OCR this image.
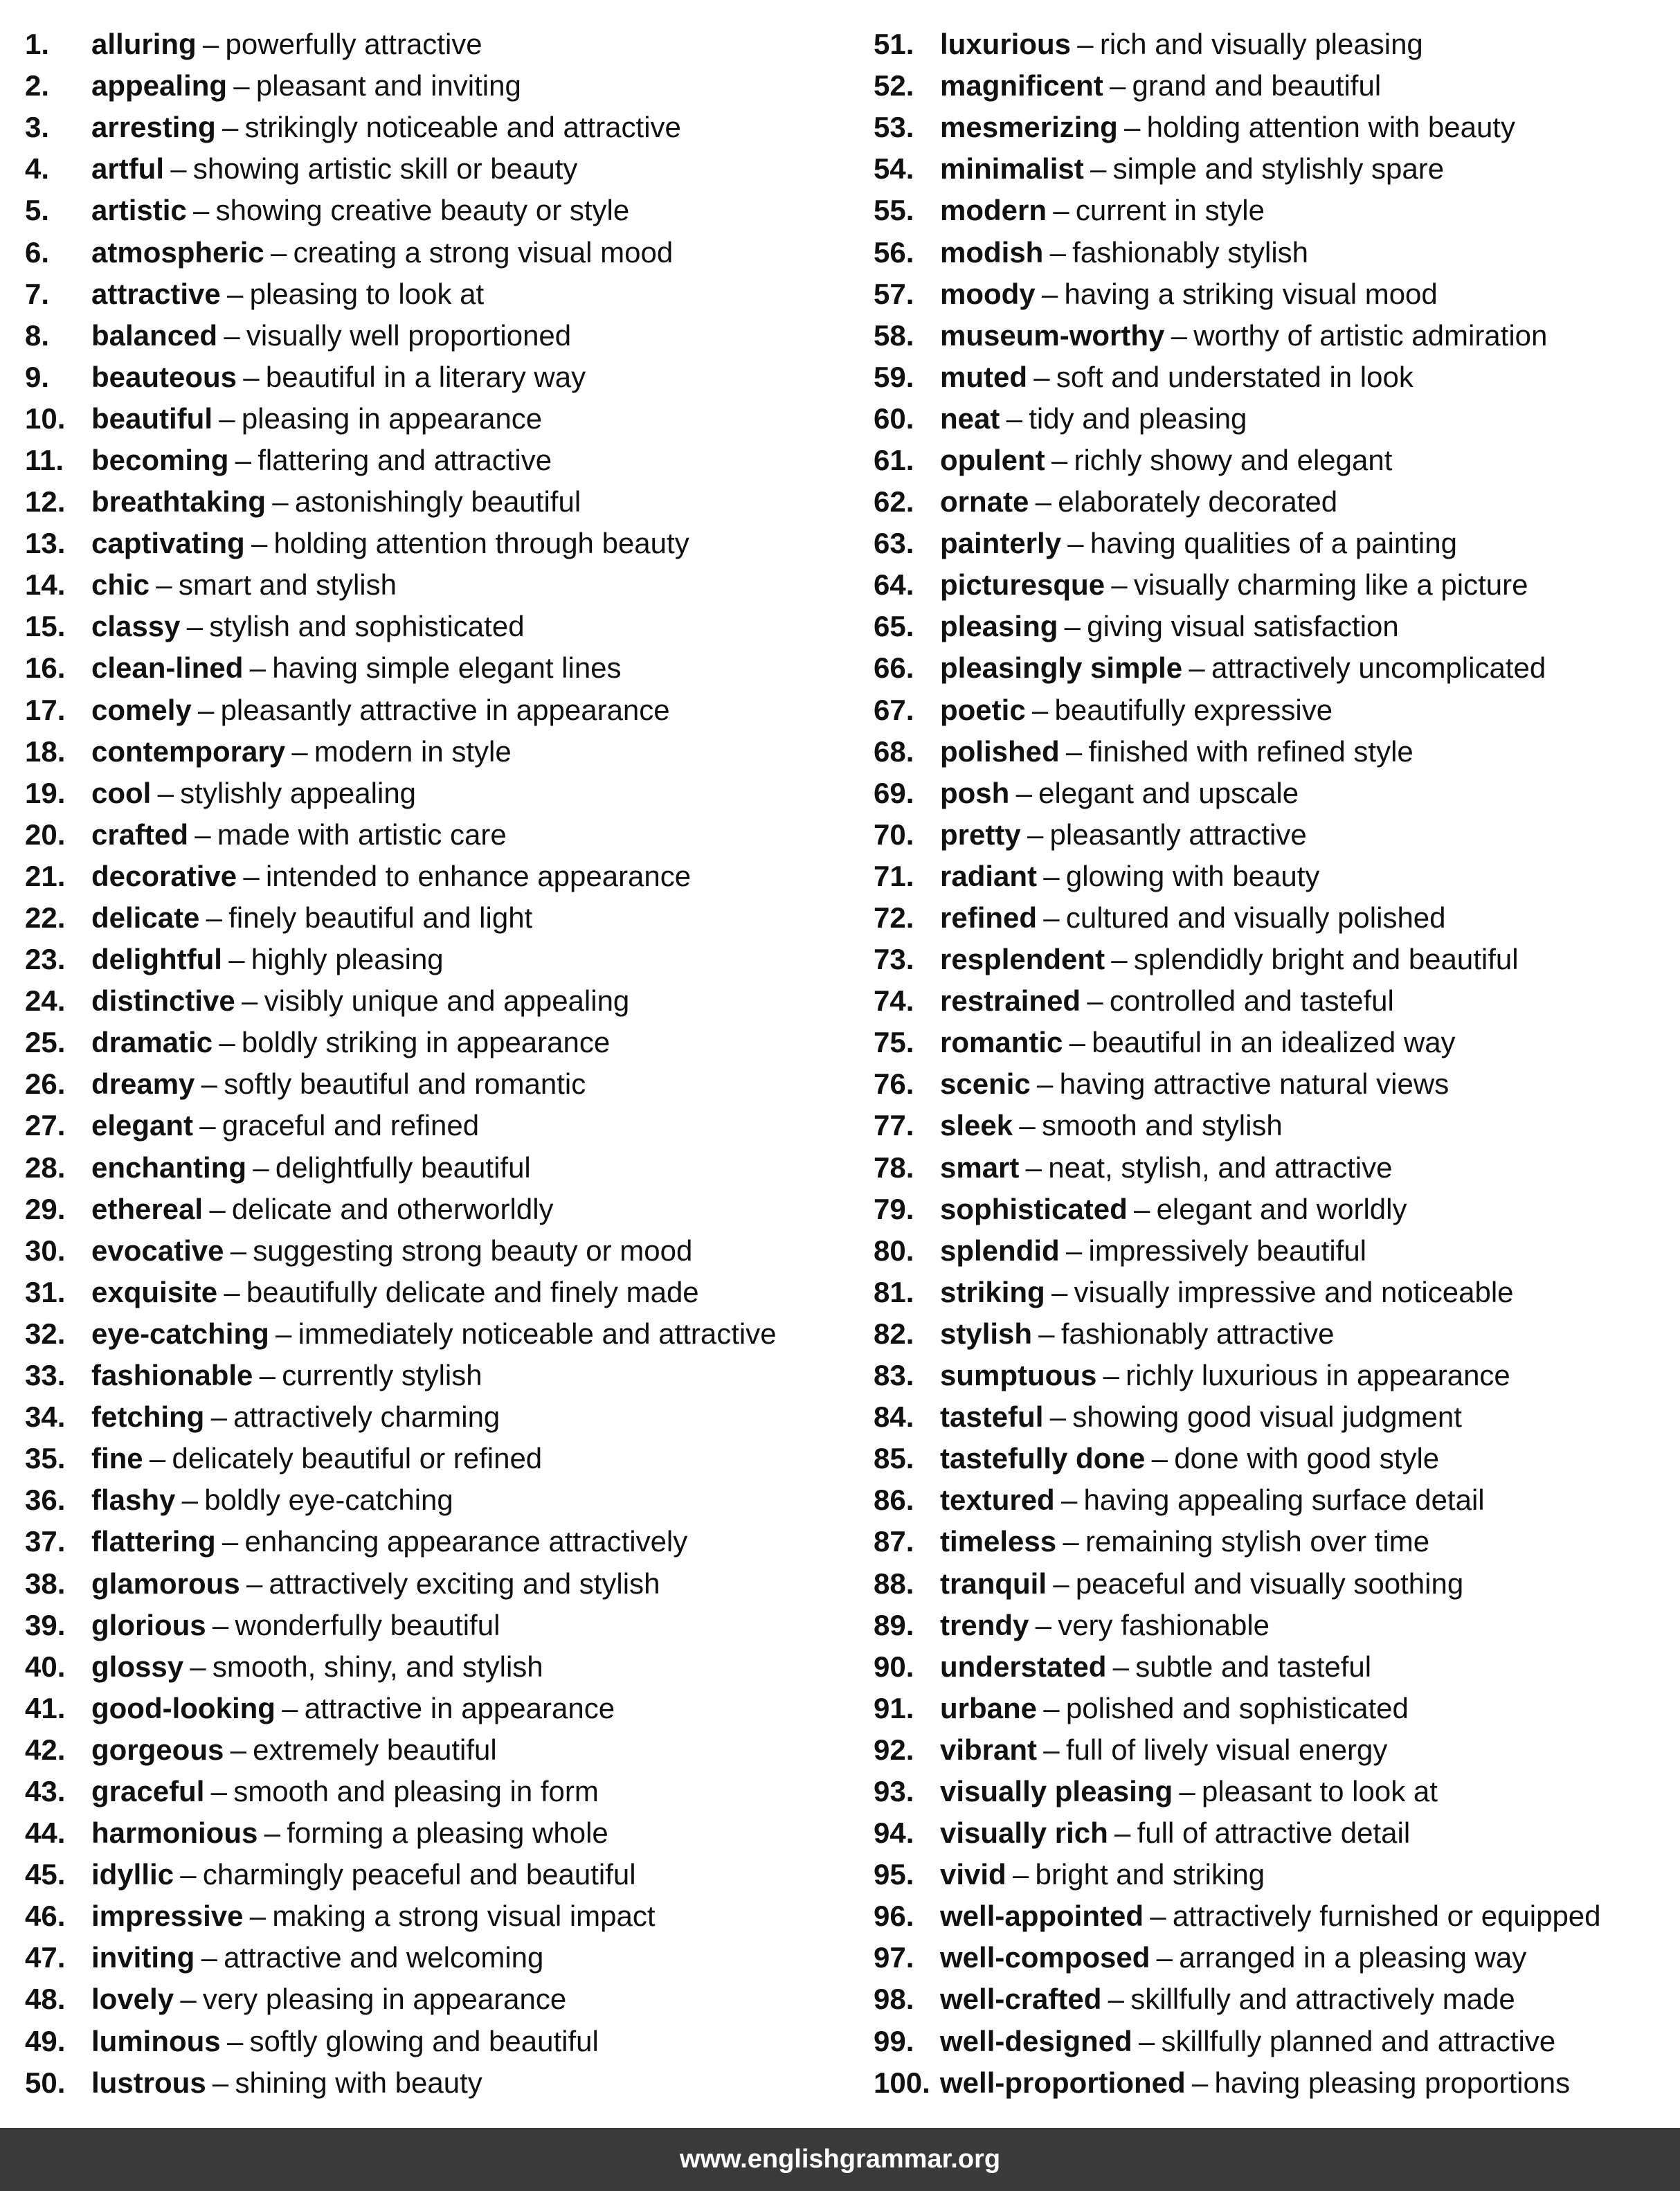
1.	alluring – powerfully attractive
2.	appealing – pleasant and inviting
3.	arresting – strikingly noticeable and attractive
4.	artful – showing artistic skill or beauty
5.	artistic – showing creative beauty or style
6.	atmospheric – creating a strong visual mood
7.	attractive – pleasing to look at
8.	balanced – visually well proportioned
9.	beauteous – beautiful in a literary way
10. beautiful – pleasing in appearance
11. becoming – flattering and attractive
12. breathtaking – astonishingly beautiful
13. captivating – holding attention through beauty
14. chic – smart and stylish
15. classy – stylish and sophisticated
16. clean-lined – having simple elegant lines
17. comely – pleasantly attractive in appearance
18. contemporary – modern in style
19. cool – stylishly appealing
20. crafted – made with artistic care
21. decorative – intended to enhance appearance
22. delicate – finely beautiful and light
23. delightful – highly pleasing
24. distinctive – visibly unique and appealing
25. dramatic – boldly striking in appearance
26. dreamy – softly beautiful and romantic
27. elegant – graceful and refined
28. enchanting – delightfully beautiful
29. ethereal – delicate and otherworldly
30. evocative – suggesting strong beauty or mood
31. exquisite – beautifully delicate and finely made
32. eye-catching – immediately noticeable and attractive
33. fashionable – currently stylish
34. fetching – attractively charming
35. fine – delicately beautiful or refined
36. flashy – boldly eye-catching
37. flattering – enhancing appearance attractively
38. glamorous – attractively exciting and stylish
39. glorious – wonderfully beautiful
40. glossy – smooth, shiny, and stylish
41. good-looking – attractive in appearance
42. gorgeous – extremely beautiful
43. graceful – smooth and pleasing in form
44. harmonious – forming a pleasing whole
45. idyllic – charmingly peaceful and beautiful
46. impressive – making a strong visual impact
47. inviting – attractive and welcoming
48. lovely – very pleasing in appearance
49. luminous – softly glowing and beautiful
50. lustrous – shining with beauty
51. luxurious – rich and visually pleasing
52. magnificent – grand and beautiful
53. mesmerizing – holding attention with beauty
54. minimalist – simple and stylishly spare
55. modern – current in style
56. modish – fashionably stylish
57. moody – having a striking visual mood
58. museum-worthy – worthy of artistic admiration
59. muted – soft and understated in look
60. neat – tidy and pleasing
61. opulent – richly showy and elegant
62. ornate – elaborately decorated
63. painterly – having qualities of a painting
64. picturesque – visually charming like a picture
65. pleasing – giving visual satisfaction
66. pleasingly simple – attractively uncomplicated
67. poetic – beautifully expressive
68. polished – finished with refined style
69. posh – elegant and upscale
70. pretty – pleasantly attractive
71. radiant – glowing with beauty
72. refined – cultured and visually polished
73. resplendent – splendidly bright and beautiful
74. restrained – controlled and tasteful
75. romantic – beautiful in an idealized way
76. scenic – having attractive natural views
77. sleek – smooth and stylish
78. smart – neat, stylish, and attractive
79. sophisticated – elegant and worldly
80. splendid – impressively beautiful
81. striking – visually impressive and noticeable
82. stylish – fashionably attractive
83. sumptuous – richly luxurious in appearance
84. tasteful – showing good visual judgment
85. tastefully done – done with good style
86. textured – having appealing surface detail
87. timeless – remaining stylish over time
88. tranquil – peaceful and visually soothing
89. trendy – very fashionable
90. understated – subtle and tasteful
91. urbane – polished and sophisticated
92. vibrant – full of lively visual energy
93. visually pleasing – pleasant to look at
94. visually rich – full of attractive detail
95. vivid – bright and striking
96. well-appointed – attractively furnished or equipped
97. well-composed – arranged in a pleasing way
98. well-crafted – skillfully and attractively made
99. well-designed – skillfully planned and attractive
100. well-proportioned – having pleasing proportions
www.englishgrammar.org
